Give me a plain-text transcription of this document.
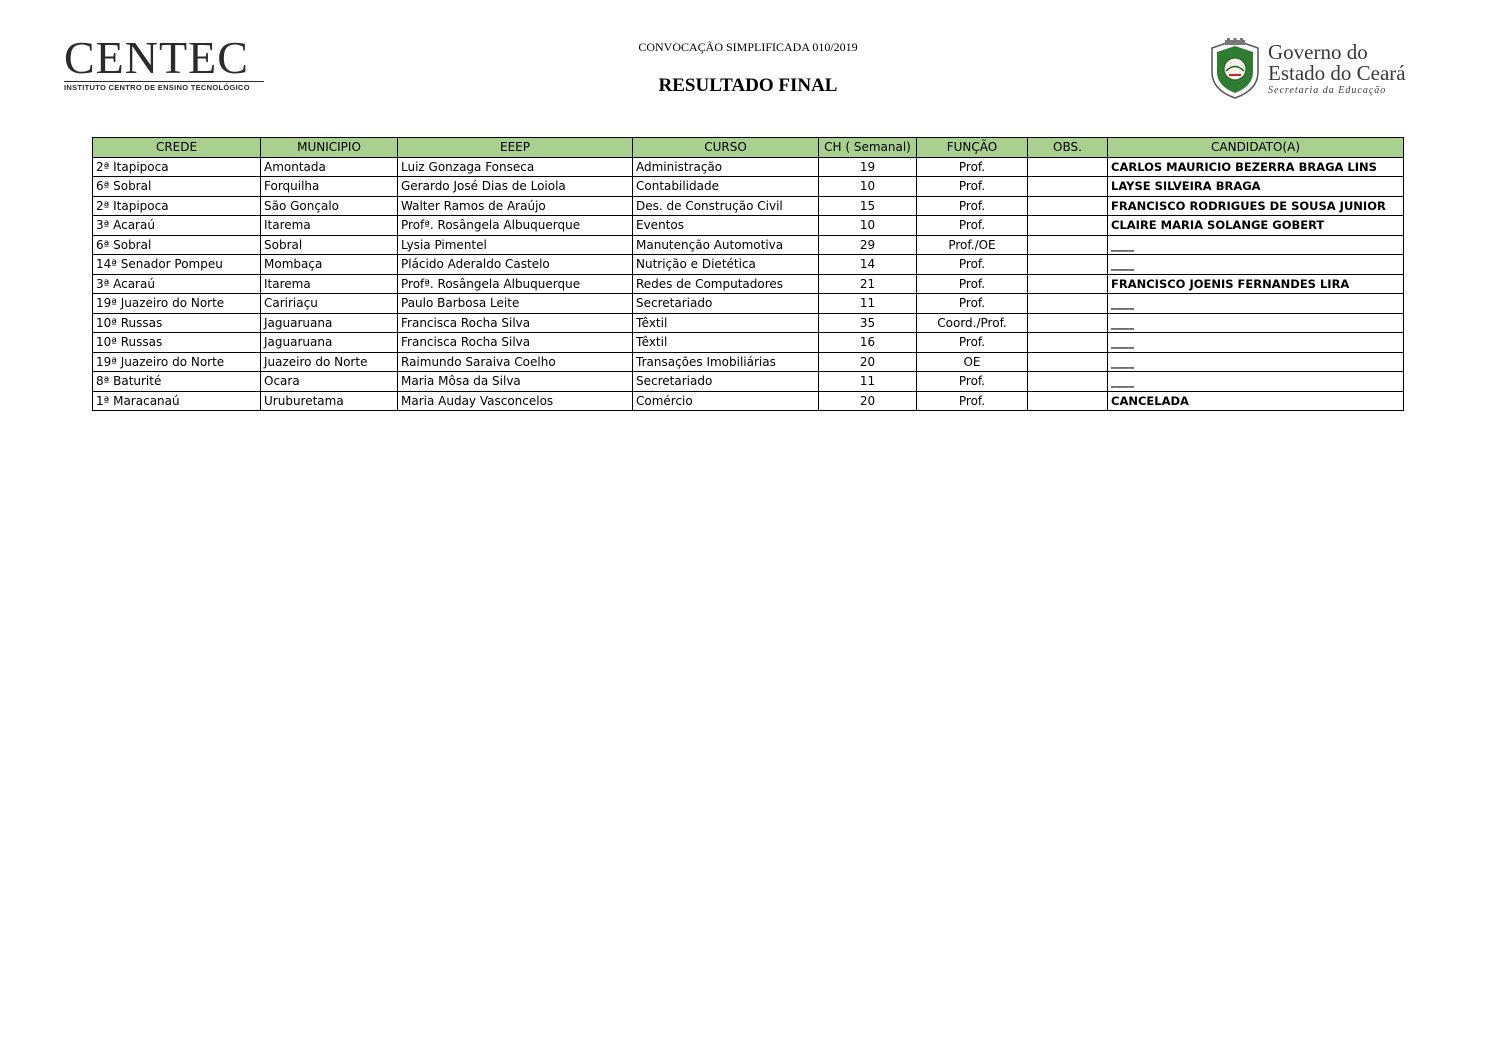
CENTEC
INSTITUTO CENTRO DE ENSINO TECNOLÓGICO
CONVOCAÇÃO SIMPLIFICADA 010/2019
RESULTADO FINAL
Governo do
Estado do Ceará
Secretaria da Educação
CREDE	MUNICIPIO	EEEP	CURSO	CH ( Semanal)	FUNÇÃO	OBS.	CANDIDATO(A)
2ª Itapipoca	Amontada	Luiz Gonzaga Fonseca	Administração	19	Prof.		CARLOS MAURICIO BEZERRA BRAGA LINS
6ª Sobral	Forquilha	Gerardo José Dias de Loiola	Contabilidade	10	Prof.		LAYSE SILVEIRA BRAGA
2ª Itapipoca	São Gonçalo	Walter Ramos de Araújo	Des. de Construção Civil	15	Prof.		FRANCISCO RODRIGUES DE SOUSA JUNIOR
3ª Acaraú	Itarema	Profª. Rosângela Albuquerque	Eventos	10	Prof.		CLAIRE MARIA SOLANGE GOBERT
6ª Sobral	Sobral	Lysia Pimentel	Manutenção Automotiva	29	Prof./OE		____
14ª Senador Pompeu	Mombaça	Plácido Aderaldo Castelo	Nutrição e Dietética	14	Prof.		____
3ª Acaraú	Itarema	Profª. Rosângela Albuquerque	Redes de Computadores	21	Prof.		FRANCISCO JOENIS FERNANDES LIRA
19ª Juazeiro do Norte	Caririaçu	Paulo Barbosa Leite	Secretariado	11	Prof.		____
10ª Russas	Jaguaruana	Francisca Rocha Silva	Têxtil	35	Coord./Prof.		____
10ª Russas	Jaguaruana	Francisca Rocha Silva	Têxtil	16	Prof.		____
19ª Juazeiro do Norte	Juazeiro do Norte	Raimundo Saraiva Coelho	Transações Imobiliárias	20	OE		____
8ª Baturité	Ocara	Maria Môsa da Silva	Secretariado	11	Prof.		____
1ª Maracanaú	Uruburetama	Maria Auday Vasconcelos	Comércio	20	Prof.		CANCELADA
